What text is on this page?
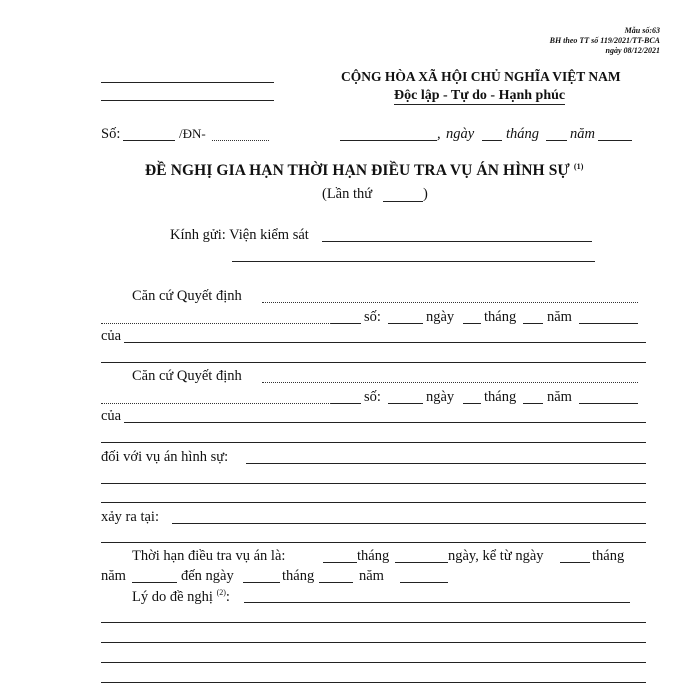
Mẫu số:63
BH theo TT số 119/2021/TT-BCA
ngày 08/12/2021
CỘNG HÒA XÃ HỘI CHỦ NGHĨA VIỆT NAM
Độc lập - Tự do - Hạnh phúc
Số:	/ĐN-	, ngày tháng năm
ĐỀ NGHỊ GIA HẠN THỜI HẠN ĐIỀU TRA VỤ ÁN HÌNH SỰ $^{(1)}$
(Lần thứ	)
Kính gửi: Viện kiểm sát
Căn cứ Quyết định
số:	ngày tháng năm
của
Căn cứ Quyết định
số:	ngày tháng năm
của
đối với vụ án hình sự:
xảy ra tại:
Thời hạn điều tra vụ án là:	tháng	ngày, kể từ ngày	tháng
năm	đến ngày	tháng	năm
Lý do đề nghị $^{(2)}$:
